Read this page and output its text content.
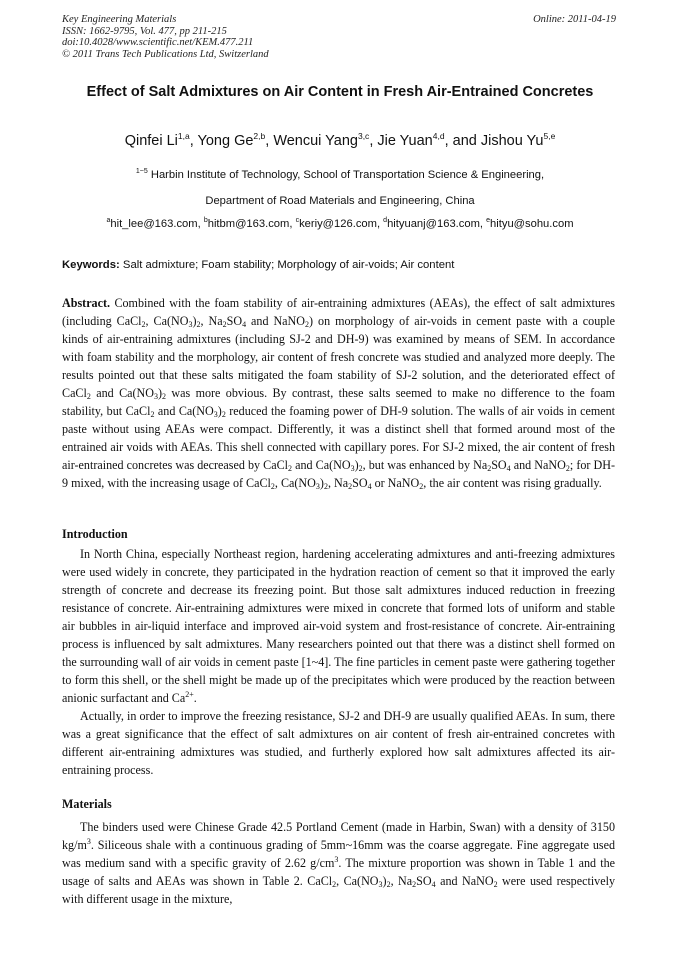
Key Engineering Materials
ISSN: 1662-9795, Vol. 477, pp 211-215
doi:10.4028/www.scientific.net/KEM.477.211
© 2011 Trans Tech Publications Ltd, Switzerland
Online: 2011-04-19
Effect of Salt Admixtures on Air Content in Fresh Air-Entrained Concretes
Qinfei Li$^{1,a}$, Yong Ge$^{2,b}$, Wencui Yang$^{3,c}$, Jie Yuan$^{4,d}$, and Jishou Yu$^{5,e}$
$^{1\sim 5}$ Harbin Institute of Technology, School of Transportation Science & Engineering,
Department of Road Materials and Engineering, China
$^a$hit_lee@163.com, $^b$hitbm@163.com, $^c$keriy@126.com, $^d$hityuanj@163.com, $^e$hityu@sohu.com
Keywords: Salt admixture; Foam stability; Morphology of air-voids; Air content
Abstract. Combined with the foam stability of air-entraining admixtures (AEAs), the effect of salt admixtures (including CaCl$_2$, $Ca(NO_3)_2$, $Na_2SO_4$ and NaNO$_2$) on morphology of air-voids in cement paste with a couple kinds of air-entraining admixtures (including SJ-2 and DH-9) was examined by means of SEM. In accordance with foam stability and the morphology, air content of fresh concrete was studied and analyzed more deeply. The results pointed out that these salts mitigated the foam stability of SJ-2 solution, and the deteriorated effect of CaCl$_2$ and $Ca(NO_3)_2$ was more obvious. By contrast, these salts seemed to make no difference to the foam stability, but CaCl$_2$ and $Ca(NO_3)_2$ reduced the foaming power of DH-9 solution. The walls of air voids in cement paste without using AEAs were compact. Differently, it was a distinct shell that formed around most of the entrained air voids with AEAs. This shell connected with capillary pores. For SJ-2 mixed, the air content of fresh air-entrained concretes was decreased by CaCl$_2$ and $Ca(NO_3)_2$, but was enhanced by $Na_2SO_4$ and NaNO$_2$; for DH-9 mixed, with the increasing usage of CaCl$_2$, $Ca(NO_3)_2$, $Na_2SO_4$ or NaNO$_2$, the air content was rising gradually.
Introduction

In North China, especially Northeast region, hardening accelerating admixtures and anti-freezing admixtures were used widely in concrete, they participated in the hydration reaction of cement so that it improved the early strength of concrete and decrease its freezing point. But those salt admixtures induced reduction in freezing resistance of concrete. Air-entraining admixtures were mixed in concrete that formed lots of uniform and stable air bubbles in air-liquid interface and improved air-void system and frost-resistance of concrete. Air-entraining process is influenced by salt admixtures. Many researchers pointed out that there was a distinct shell formed on the surrounding wall of air voids in cement paste [1~4]. The fine particles in cement paste were gathering together to form this shell, or the shell might be made up of the precipitates which were produced by the reaction between anionic surfactant and $Ca^{2+}$.

Actually, in order to improve the freezing resistance, SJ-2 and DH-9 are usually qualified AEAs. In sum, there was a great significance that the effect of salt admixtures on air content of fresh air-entrained concretes with different air-entraining admixtures was studied, and furtherly explored how salt admixtures affected its air-entraining process.

Materials
The binders used were Chinese Grade 42.5 Portland Cement (made in Harbin, Swan) with a density of 3150 $kg/m^3$. Siliceous shale with a continuous grading of 5mm~16mm was the coarse aggregate. Fine aggregate used was medium sand with a specific gravity of 2.62 $g/cm^3$. The mixture proportion was shown in Table 1 and the usage of salts and AEAs was shown in Table 2. CaCl$_2$, $Ca(NO_3)_2$, $Na_2SO_4$ and NaNO$_2$ were used respectively with different usage in the mixture,
